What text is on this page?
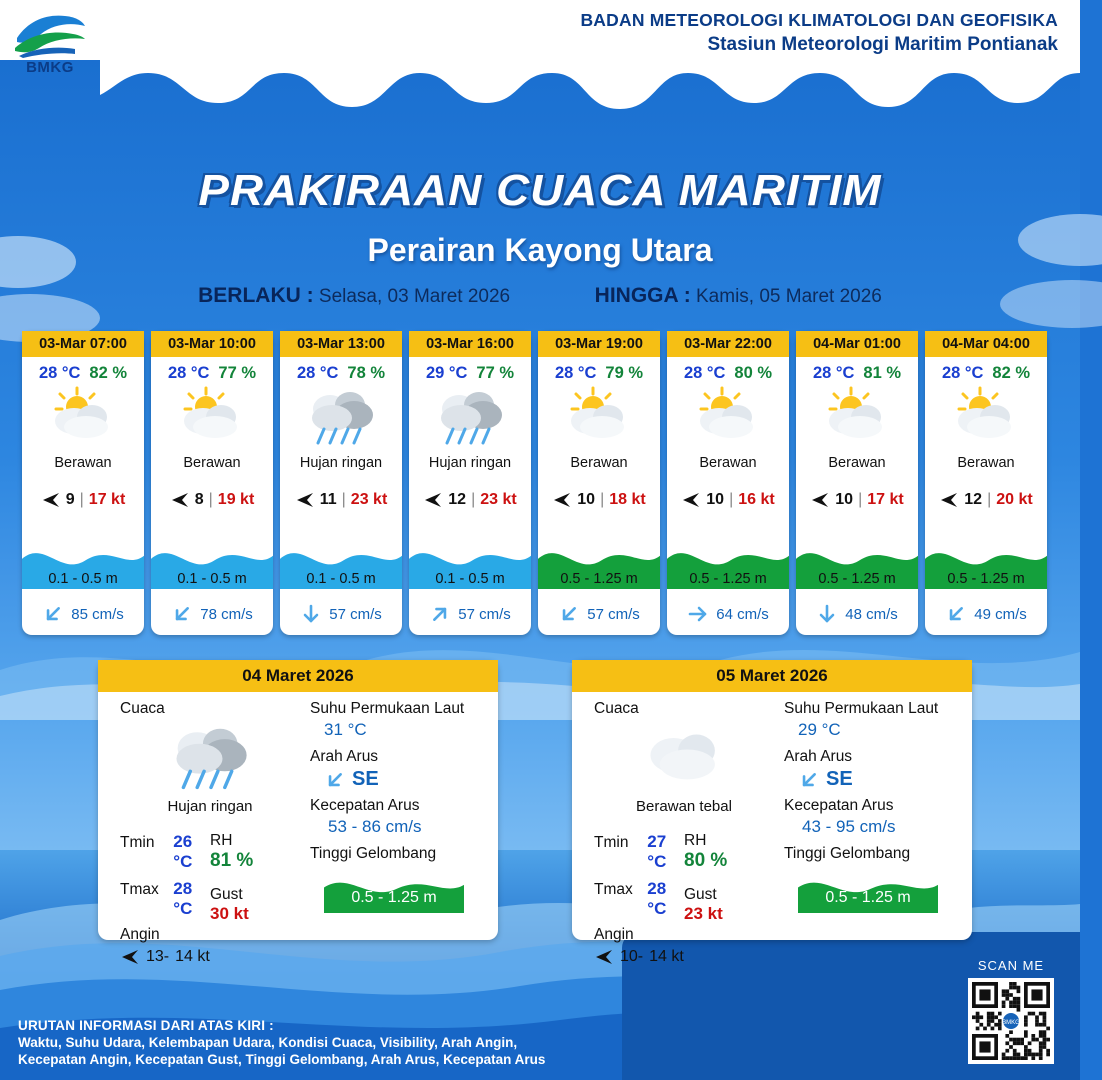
BMKG
BADAN METEOROLOGI KLIMATOLOGI DAN GEOFISIKA
Stasiun Meteorologi Maritim Pontianak
PRAKIRAAN CUACA MARITIM
Perairan Kayong Utara
BERLAKU : Selasa, 03 Maret 2026	HINGGA : Kamis, 05 Maret 2026
03-Mar 07:00
28 °C 82 %
Berawan
9 | 17 kt
0.1 - 0.5 m
85 cm/s
03-Mar 10:00
28 °C 77 %
Berawan
8 | 19 kt
0.1 - 0.5 m
78 cm/s
03-Mar 13:00
28 °C 78 %
Hujan ringan
11 | 23 kt
0.1 - 0.5 m
57 cm/s
03-Mar 16:00
29 °C 77 %
Hujan ringan
12 | 23 kt
0.1 - 0.5 m
57 cm/s
03-Mar 19:00
28 °C 79 %
Berawan
10 | 18 kt
0.5 - 1.25 m
57 cm/s
03-Mar 22:00
28 °C 80 %
Berawan
10 | 16 kt
0.5 - 1.25 m
64 cm/s
04-Mar 01:00
28 °C 81 %
Berawan
10 | 17 kt
0.5 - 1.25 m
48 cm/s
04-Mar 04:00
28 °C 82 %
Berawan
12 | 20 kt
0.5 - 1.25 m
49 cm/s
04 Maret 2026
Cuaca
Hujan ringan
Tmin	26 °C
Tmax 28 °C
Angin
13- 14 kt
RH
81 %
Gust
30 kt
Suhu Permukaan Laut
31 °C
Arah Arus
SE
Kecepatan Arus
53 - 86 cm/s
Tinggi Gelombang
0.5 - 1.25 m
05 Maret 2026
Cuaca
Berawan tebal
Tmin	27 °C
Tmax 28 °C
Angin
10- 14 kt
RH
80 %
Gust
23 kt
Suhu Permukaan Laut
29 °C
Arah Arus
SE
Kecepatan Arus
43 - 95 cm/s
Tinggi Gelombang
0.5 - 1.25 m
URUTAN INFORMASI DARI ATAS KIRI :
Waktu, Suhu Udara, Kelembapan Udara, Kondisi Cuaca, Visibility, Arah Angin,
Kecepatan Angin, Kecepatan Gust, Tinggi Gelombang, Arah Arus, Kecepatan Arus
SCAN ME
BMKG
